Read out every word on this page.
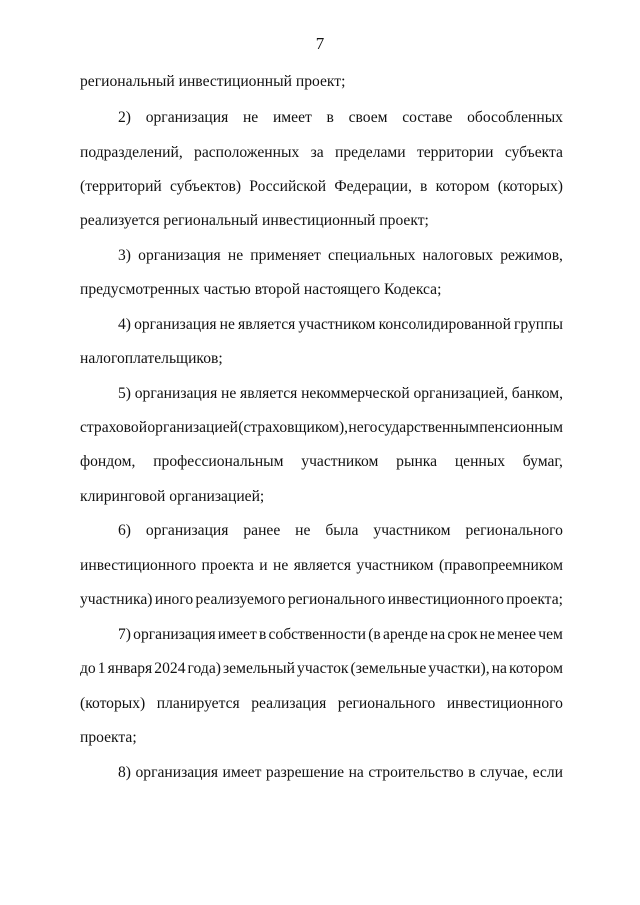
7
региональный инвестиционный проект;
2) организация не имеет в своем составе обособленных
подразделений, расположенных за пределами территории субъекта
(территорий субъектов) Российской Федерации, в котором (которых)
реализуется региональный инвестиционный проект;
3) организация не применяет специальных налоговых режимов,
предусмотренных частью второй настоящего Кодекса;
4) организация не является участником консолидированной группы
налогоплательщиков;
5) организация не является некоммерческой организацией, банком,
страховой организацией (страховщиком), негосударственным пенсионным
фондом, профессиональным участником рынка ценных бумаг,
клиринговой организацией;
6) организация ранее не была участником регионального
инвестиционного проекта и не является участником (правопреемником
участника) иного реализуемого регионального инвестиционного проекта;
7) организация имеет в собственности (в аренде на срок не менее чем
до 1 января 2024 года) земельный участок (земельные участки), на котором
(которых) планируется реализация регионального инвестиционного
проекта;
8) организация имеет разрешение на строительство в случае, если
